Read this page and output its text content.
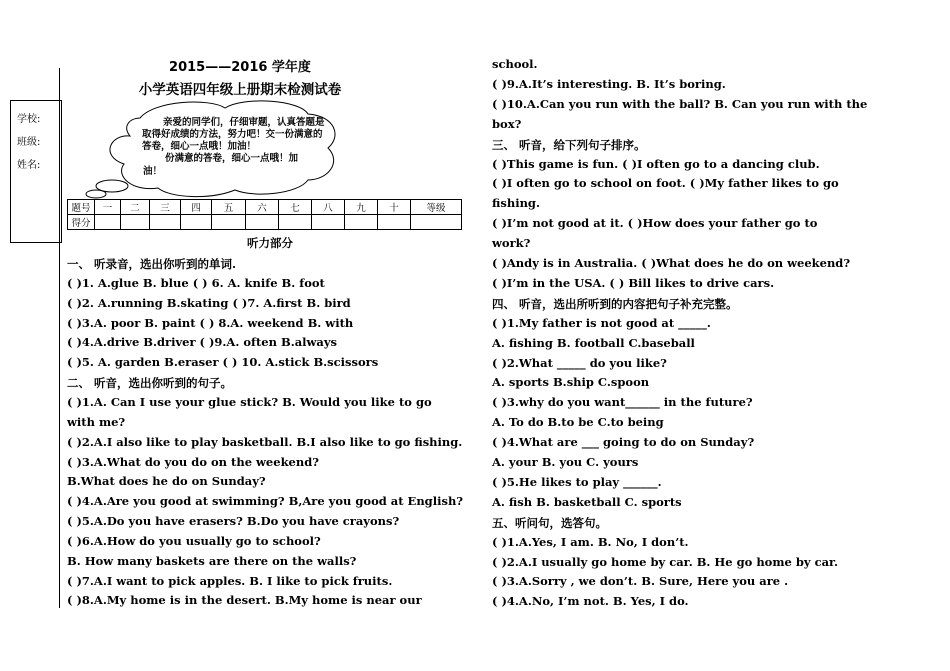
学校:
班级:
姓名:
2015——2016 学年度
小学英语四年级上册期末检测试卷
亲爱的同学们，仔细审题，认真答题是
取得好成绩的方法，努力吧！交一份满意的
答卷，细心一点哦！加油！
份满意的答卷，细心一点哦！加
油！
题号	一	二	三	四	五	六	七	八	九	十	等级
得分											
听力部分
一、 听录音，选出你听到的单词.
( )1. A.glue B. blue ( ) 6. A. knife B. foot
( )2. A.running B.skating ( )7. A.first B. bird
( )3.A. poor B. paint ( ) 8.A. weekend B. with
( )4.A.drive B.driver ( )9.A. often B.always
( )5. A. garden B.eraser ( ) 10. A.stick B.scissors
二、 听音，选出你听到的句子。
( )1.A. Can I use your glue stick? B. Would you like to go
with me?
( )2.A.I also like to play basketball. B.I also like to go fishing.
( )3.A.What do you do on the weekend?
B.What does he do on Sunday?
( )4.A.Are you good at swimming? B,Are you good at English?
( )5.A.Do you have erasers? B.Do you have crayons?
( )6.A.How do you usually go to school?
B. How many baskets are there on the walls?
( )7.A.I want to pick apples. B. I like to pick fruits.
( )8.A.My home is in the desert. B.My home is near our
school.
( )9.A.It’s interesting. B. It’s boring.
( )10.A.Can you run with the ball? B. Can you run with the
box?
三、 听音，给下列句子排序。
( )This game is fun. ( )I often go to a dancing club.
( )I often go to school on foot. ( )My father likes to go
fishing.
( )I’m not good at it. ( )How does your father go to
work?
( )Andy is in Australia. ( )What does he do on weekend?
( )I’m in the USA. ( ) Bill likes to drive cars.
四、 听音，选出所听到的内容把句子补充完整。
( )1.My father is not good at _____.
A. fishing B. football C.baseball
( )2.What _____ do you like?
A. sports B.ship C.spoon
( )3.why do you want______ in the future?
A. To do B.to be C.to being
( )4.What are ___ going to do on Sunday?
A. your B. you C. yours
( )5.He likes to play ______.
A. fish B. basketball C. sports
五、听问句，选答句。
( )1.A.Yes, I am. B. No, I don’t.
( )2.A.I usually go home by car. B. He go home by car.
( )3.A.Sorry , we don’t. B. Sure, Here you are .
( )4.A.No, I’m not. B. Yes, I do.
